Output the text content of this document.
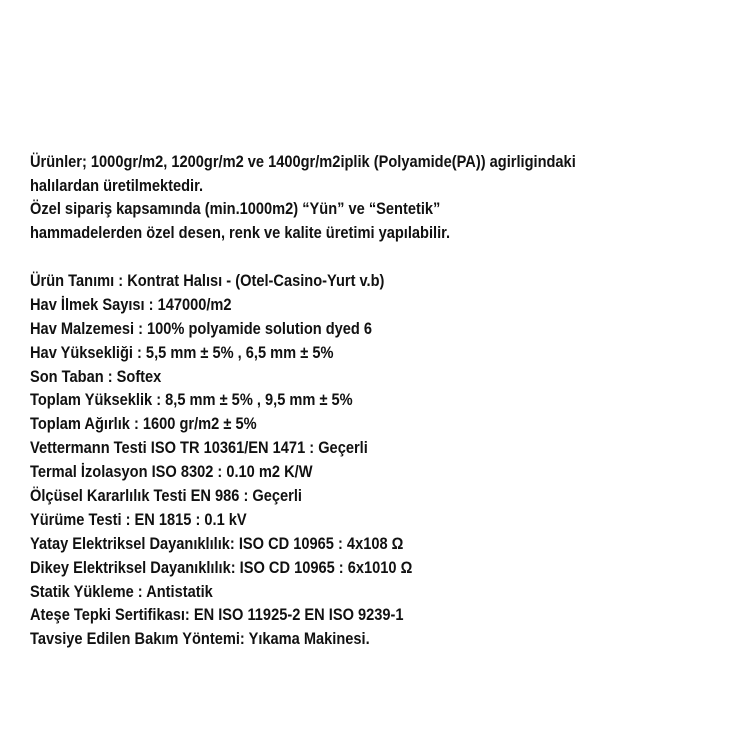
Ürünler; 1000gr/m2, 1200gr/m2 ve 1400gr/m2iplik (Polyamide(PA)) agirligindaki
halılardan üretilmektedir.
Özel sipariş kapsamında (min.1000m2) “Yün” ve “Sentetik”
hammadelerden özel desen, renk ve kalite üretimi yapılabilir.
Ürün Tanımı : Kontrat Halısı - (Otel-Casino-Yurt v.b)
Hav İlmek Sayısı : 147000/m2
Hav Malzemesi : 100% polyamide solution dyed 6
Hav Yüksekliği : 5,5 mm ± 5% , 6,5 mm ± 5%
Son Taban : Softex
Toplam Yükseklik : 8,5 mm ± 5% , 9,5 mm ± 5%
Toplam Ağırlık : 1600 gr/m2 ± 5%
Vettermann Testi ISO TR 10361/EN 1471 : Geçerli
Termal İzolasyon ISO 8302 : 0.10 m2 K/W
Ölçüsel Kararlılık Testi EN 986 : Geçerli
Yürüme Testi : EN 1815 : 0.1 kV
Yatay Elektriksel Dayanıklılık: ISO CD 10965 : 4x108 Ω
Dikey Elektriksel Dayanıklılık: ISO CD 10965 : 6x1010 Ω
Statik Yükleme : Antistatik
Ateşe Tepki Sertifikası: EN ISO 11925-2 EN ISO 9239-1
Tavsiye Edilen Bakım Yöntemi: Yıkama Makinesi.
